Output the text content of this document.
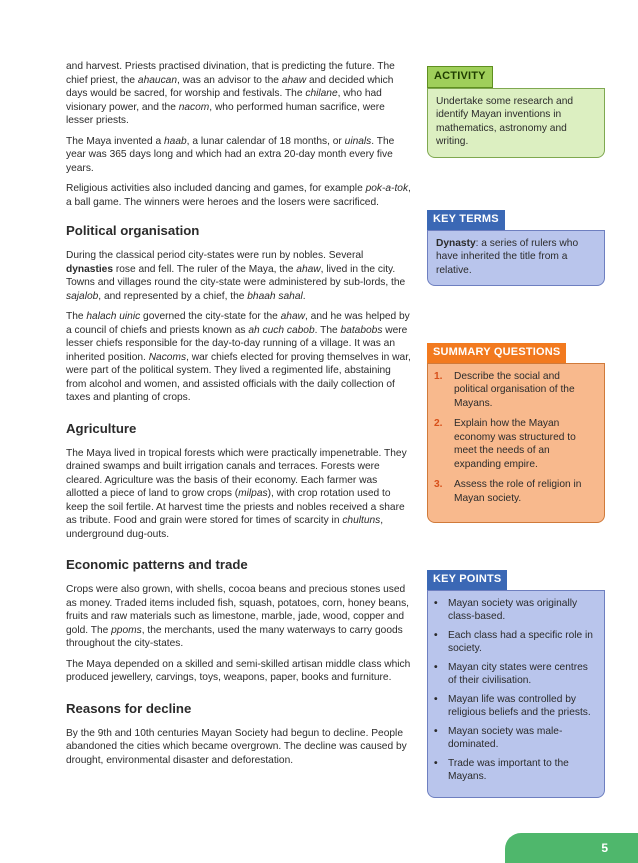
and harvest. Priests practised divination, that is predicting the future. The chief priest, the ahaucan, was an advisor to the ahaw and decided which days would be sacred, for worship and festivals. The chilane, who had visionary power, and the nacom, who performed human sacrifice, were lesser priests.

The Maya invented a haab, a lunar calendar of 18 months, or uinals. The year was 365 days long and which had an extra 20-day month every five years.

Religious activities also included dancing and games, for example pok-a-tok, a ball game. The winners were heroes and the losers were sacrificed.

Political organisation

During the classical period city-states were run by nobles. Several dynasties rose and fell. The ruler of the Maya, the ahaw, lived in the city. Towns and villages round the city-state were administered by sub-lords, the sajalob, and represented by a chief, the bhaah sahal.

The halach uinic governed the city-state for the ahaw, and he was helped by a council of chiefs and priests known as ah cuch cabob. The batabobs were lesser chiefs responsible for the day-to-day running of a village. It was an inherited position. Nacoms, war chiefs elected for proving themselves in war, were part of the political system. They lived a regimented life, abstaining from alcohol and women, and assisted officials with the daily collection of taxes and planting of crops.

Agriculture

The Maya lived in tropical forests which were practically impenetrable. They drained swamps and built irrigation canals and terraces. Forests were cleared. Agriculture was the basis of their economy. Each farmer was allotted a piece of land to grow crops (milpas), with crop rotation used to keep the soil fertile. At harvest time the priests and nobles received a share as tribute. Food and grain were stored for times of scarcity in chultuns, underground dug-outs.

Economic patterns and trade

Crops were also grown, with shells, cocoa beans and precious stones used as money. Traded items included fish, squash, potatoes, corn, honey beans, fruits and raw materials such as limestone, marble, jade, wood, copper and gold. The ppoms, the merchants, used the many waterways to carry goods throughout the city-states.

The Maya depended on a skilled and semi-skilled artisan middle class which produced jewellery, carvings, toys, weapons, paper, books and furniture.

Reasons for decline

By the 9th and 10th centuries Mayan Society had begun to decline. People abandoned the cities which became overgrown. The decline was caused by drought, environmental disaster and deforestation.

ACTIVITY
Undertake some research and identify Mayan inventions in mathematics, astronomy and writing.
KEY TERMS
Dynasty: a series of rulers who have inherited the title from a relative.
SUMMARY QUESTIONS
1.	Describe the social and political organisation of the Mayans.
2.	Explain how the Mayan economy was structured to meet the needs of an expanding empire.
3.	Assess the role of religion in Mayan society.
KEY POINTS
•	Mayan society was originally class-based.
•	Each class had a specific role in society.
•	Mayan city states were centres of their civilisation.
•	Mayan life was controlled by religious beliefs and the priests.
•	Mayan society was male-dominated.
•	Trade was important to the Mayans.
5
